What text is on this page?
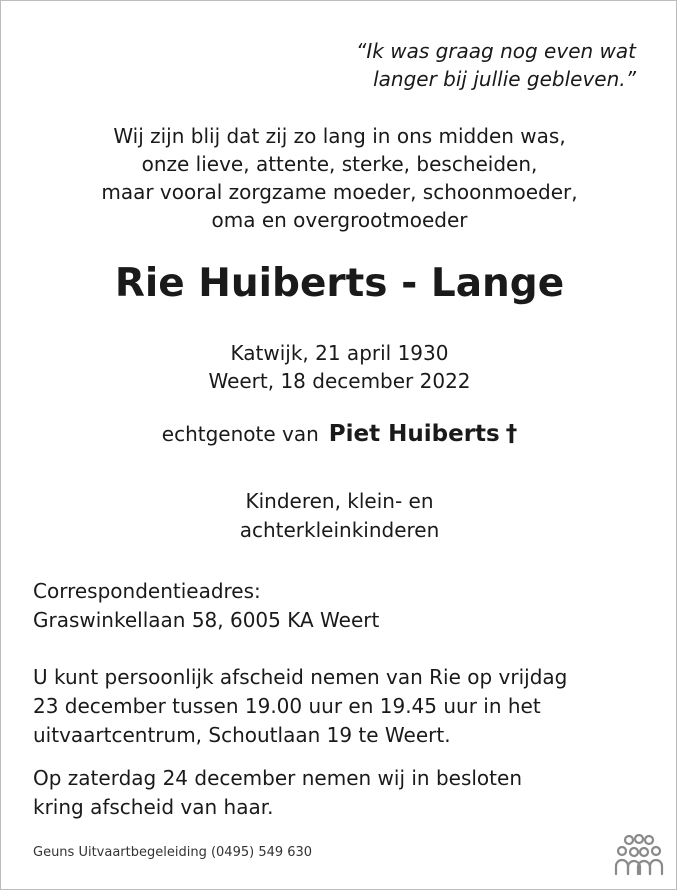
“Ik was graag nog even wat
langer bij jullie gebleven.”

Wij zijn blij dat zij zo lang in ons midden was,
onze lieve, attente, sterke, bescheiden,
maar vooral zorgzame moeder, schoonmoeder,
oma en overgrootmoeder

Rie Huiberts - Lange
Katwijk, 21 april 1930
Weert, 18 december 2022
echtgenote van Piet Huiberts †
Kinderen, klein- en
achterkleinkinderen
Correspondentieadres:
Graswinkellaan 58, 6005 KA Weert
U kunt persoonlijk afscheid nemen van Rie op vrijdag
23 december tussen 19.00 uur en 19.45 uur in het
uitvaartcentrum, Schoutlaan 19 te Weert.
Op zaterdag 24 december nemen wij in besloten
kring afscheid van haar.
Geuns Uitvaartbegeleiding (0495) 549 630
